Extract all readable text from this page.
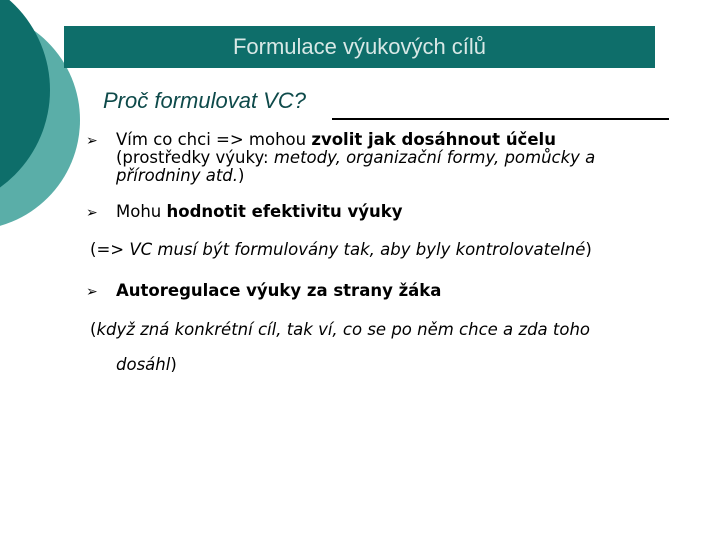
Formulace výukových cílů
Proč formulovat VC?
➢ Vím co chci => mohou zvolit jak dosáhnout účelu
(prostředky výuky: metody, organizační formy, pomůcky a
přírodniny atd.)
➢ Mohu hodnotit efektivitu výuky
(=> VC musí být formulovány tak, aby byly kontrolovatelné)
➢ Autoregulace výuky za strany žáka
(když zná konkrétní cíl, tak ví, co se po něm chce a zda toho
dosáhl)
